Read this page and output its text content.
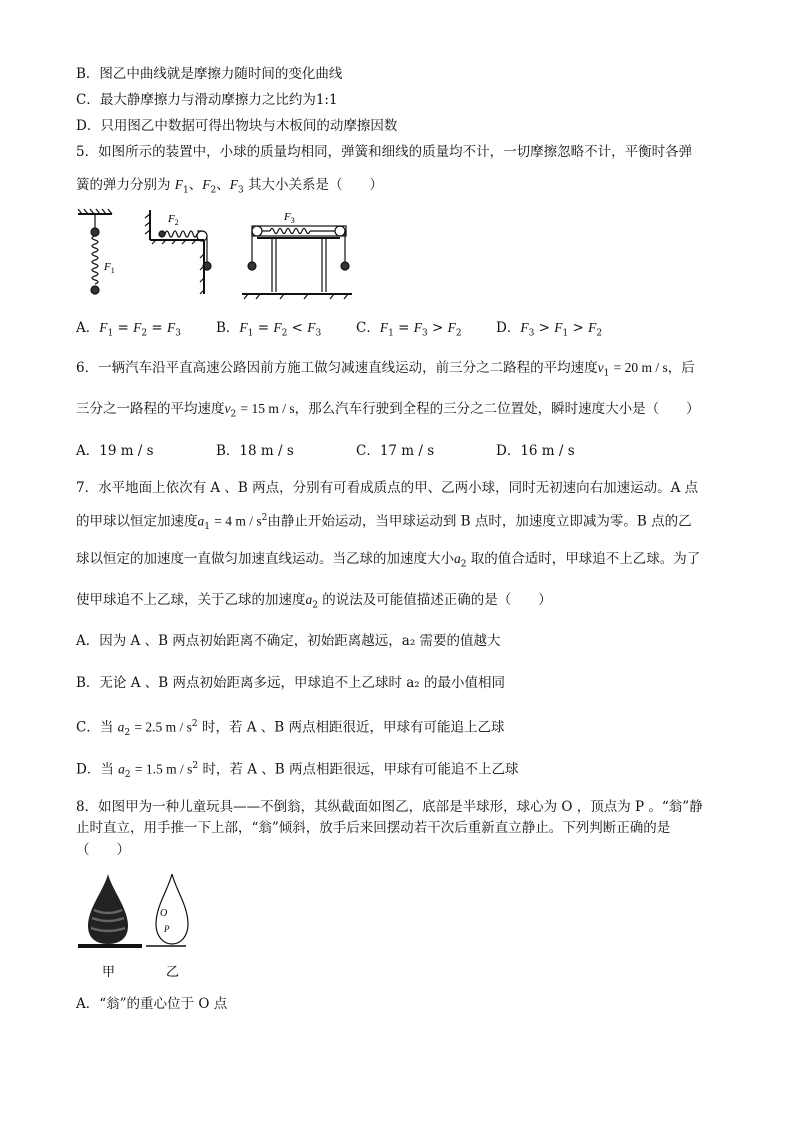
B．图乙中曲线就是摩擦力随时间的变化曲线
C．最大静摩擦力与滑动摩擦力之比约为1:1
D．只用图乙中数据可得出物块与木板间的动摩擦因数
5．如图所示的装置中，小球的质量均相同，弹簧和细线的质量均不计，一切摩擦忽略不计，平衡时各弹
簧的弹力分别为 $F_1$、$F_2$、$F_3$ 其大小关系是（　　）
$F_1$
$F_2$	$F_3$
A．$F_1 = F_2 = F_3$	B．$F_1 = F_2 < F_3$	C．$F_1 = F_3 > F_2$	D．$F_3 > F_1 > F_2$
6．一辆汽车沿平直高速公路因前方施工做匀减速直线运动，前三分之二路程的平均速度$v_1 = 20$ m / s，后
三分之一路程的平均速度$v_2 = 15$ m / s，那么汽车行驶到全程的三分之二位置处，瞬时速度大小是（　　）
A．19 m / s	B．18 m / s	C．17 m / s	D．16 m / s
7．水平地面上依次有 A 、B 两点，分别有可看成质点的甲、乙两小球，同时无初速向右加速运动。A 点
的甲球以恒定加速度$a_1 = 4$ m / $s^2$由静止开始运动，当甲球运动到 B 点时，加速度立即减为零。B 点的乙
球以恒定的加速度一直做匀加速直线运动。当乙球的加速度大小$a_2$ 取的值合适时，甲球追不上乙球。为了
使甲球追不上乙球，关于乙球的加速度$a_2$ 的说法及可能值描述正确的是（　　）
A．因为 A 、B 两点初始距离不确定，初始距离越远，a₂ 需要的值越大
B．无论 A 、B 两点初始距离多远，甲球追不上乙球时 a₂ 的最小值相同
C．当 $a_2 = 2.5$ m / $s^2$ 时，若 A 、B 两点相距很近，甲球有可能追上乙球
D．当 $a_2 = 1.5$ m / $s^2$ 时，若 A 、B 两点相距很远，甲球有可能追不上乙球
8．如图甲为一种儿童玩具——不倒翁，其纵截面如图乙，底部是半球形，球心为 O ，顶点为 P 。“翁”静
止时直立，用手推一下上部，“翁”倾斜，放手后来回摆动若干次后重新直立静止。下列判断正确的是
（　　）
O
P
甲	乙
A．“翁”的重心位于 O 点
